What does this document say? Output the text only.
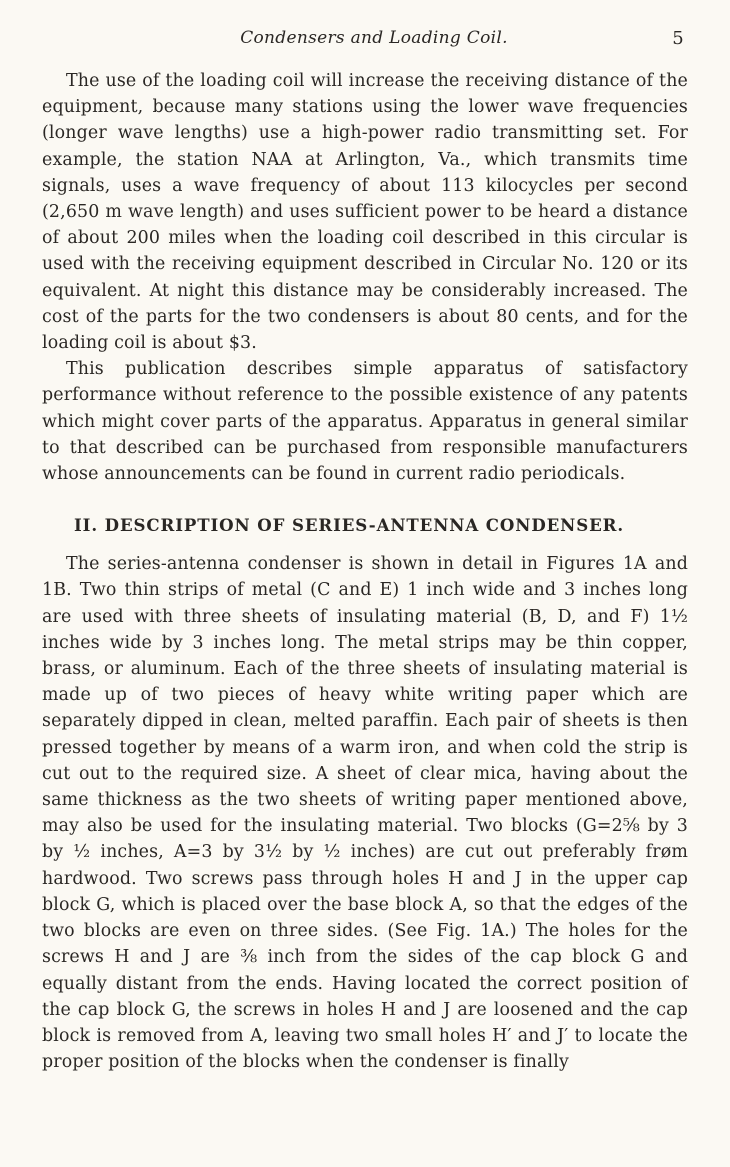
Condensers and Loading Coil.	5

The use of the loading coil will increase the receiving distance of the equipment, because many stations using the lower wave frequencies (longer wave lengths) use a high-power radio transmitting set. For example, the station NAA at Arlington, Va., which transmits time signals, uses a wave frequency of about 113 kilocycles per second (2,650 m wave length) and uses sufficient power to be heard a distance of about 200 miles when the loading coil described in this circular is used with the receiving equipment described in Circular No. 120 or its equivalent. At night this distance may be considerably increased. The cost of the parts for the two condensers is about 80 cents, and for the loading coil is about $3.

This publication describes simple apparatus of satisfactory performance without reference to the possible existence of any patents which might cover parts of the apparatus. Apparatus in general similar to that described can be purchased from responsible manufacturers whose announcements can be found in current radio periodicals.

II. DESCRIPTION OF SERIES-ANTENNA CONDENSER.

The series-antenna condenser is shown in detail in Figures 1A and 1B. Two thin strips of metal (C and E) 1 inch wide and 3 inches long are used with three sheets of insulating material (B, D, and F) 1½ inches wide by 3 inches long. The metal strips may be thin copper, brass, or aluminum. Each of the three sheets of insulating material is made up of two pieces of heavy white writing paper which are separately dipped in clean, melted paraffin. Each pair of sheets is then pressed together by means of a warm iron, and when cold the strip is cut out to the required size. A sheet of clear mica, having about the same thickness as the two sheets of writing paper mentioned above, may also be used for the insulating material. Two blocks (G=2⅝ by 3 by ½ inches, A=3 by 3½ by ½ inches) are cut out preferably frøm hardwood. Two screws pass through holes H and J in the upper cap block G, which is placed over the base block A, so that the edges of the two blocks are even on three sides. (See Fig. 1A.) The holes for the screws H and J are ⅜ inch from the sides of the cap block G and equally distant from the ends. Having located the correct position of the cap block G, the screws in holes H and J are loosened and the cap block is removed from A, leaving two small holes H′ and J′ to locate the proper position of the blocks when the condenser is finally
